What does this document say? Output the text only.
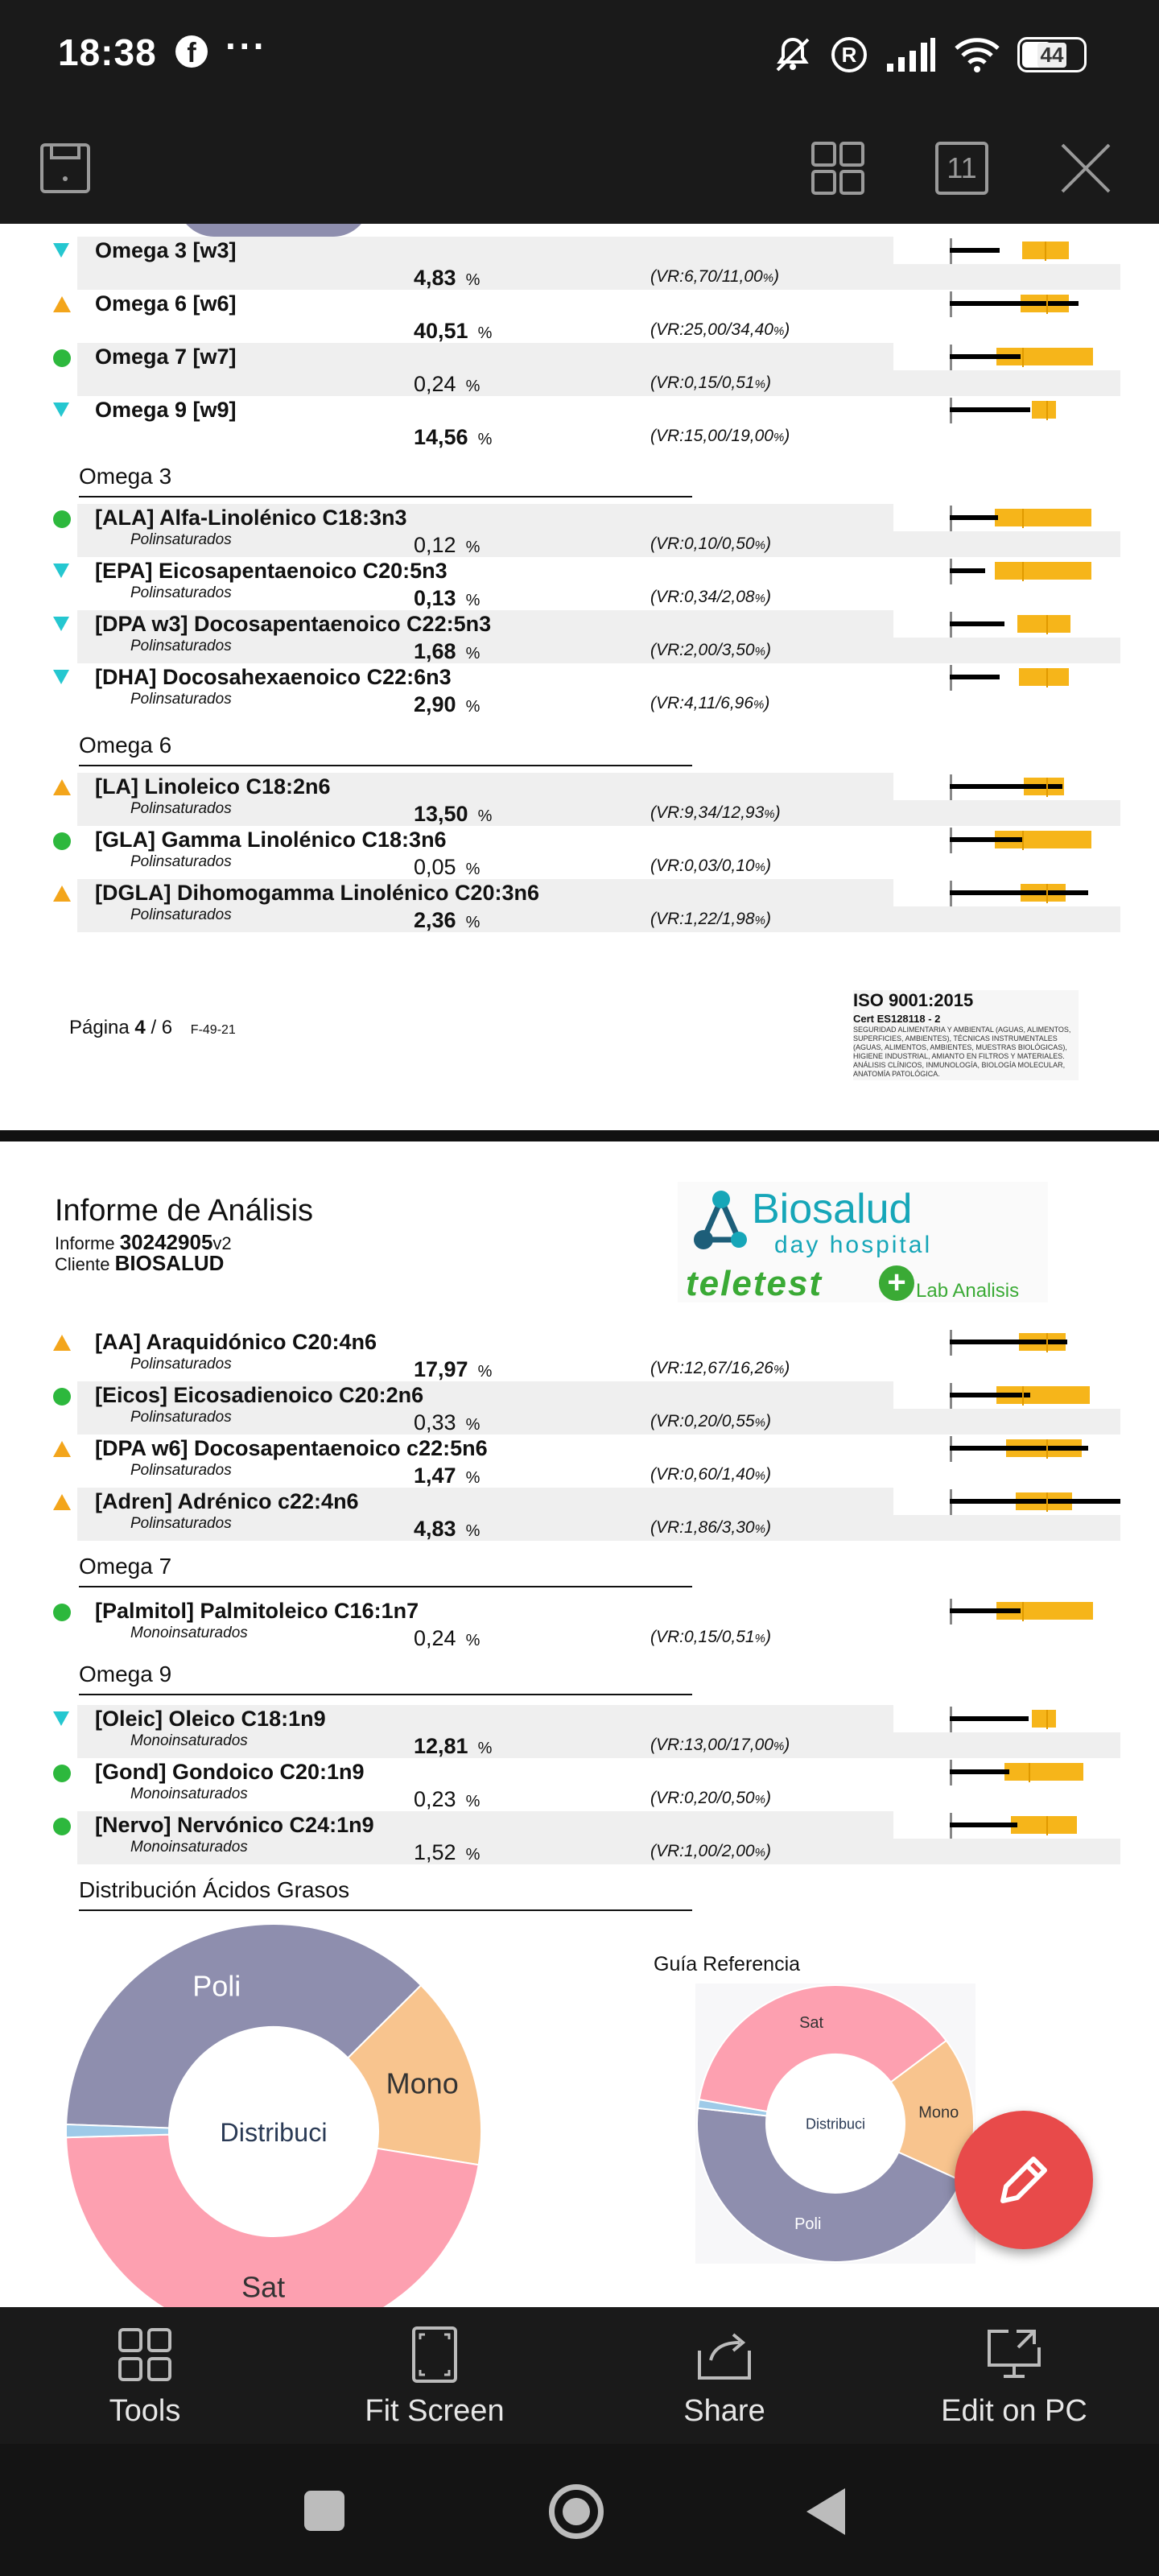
18:38	f ···	R	44
11
Omega 3 [w3]
4,83 %	(VR:6,70/11,00%)
Omega 6 [w6]
40,51 %	(VR:25,00/34,40%)
Omega 7 [w7]
0,24 %	(VR:0,15/0,51%)
Omega 9 [w9]
14,56 %	(VR:15,00/19,00%)
[ALA] Alfa-Linolénico C18:3n3
Polinsaturados	0,12 %	(VR:0,10/0,50%)
[EPA] Eicosapentaenoico C20:5n3
Polinsaturados	0,13 %	(VR:0,34/2,08%)
[DPA w3] Docosapentaenoico C22:5n3
Polinsaturados	1,68 %	(VR:2,00/3,50%)
[DHA] Docosahexaenoico C22:6n3
Polinsaturados	2,90 %	(VR:4,11/6,96%)
[LA] Linoleico C18:2n6
Polinsaturados	13,50 %	(VR:9,34/12,93%)
[GLA] Gamma Linolénico C18:3n6
Polinsaturados	0,05 %	(VR:0,03/0,10%)
[DGLA] Dihomogamma Linolénico C20:3n6
Polinsaturados	2,36 %	(VR:1,22/1,98%)
Omega 3
Omega 6
Página 4 / 6 F-49-21
ISO 9001:2015
Cert ES128118 - 2
SEGURIDAD ALIMENTARIA Y AMBIENTAL (AGUAS, ALIMENTOS, SUPERFICIES, AMBIENTES), TÉCNICAS INSTRUMENTALES (AGUAS, ALIMENTOS, AMBIENTES, MUESTRAS BIOLÓGICAS), HIGIENE INDUSTRIAL, AMIANTO EN FILTROS Y MATERIALES. ANÁLISIS CLÍNICOS, INMUNOLOGÍA, BIOLOGÍA MOLECULAR, ANATOMÍA PATOLÓGICA.
Informe de Análisis
Informe 30242905v2
Cliente BIOSALUD
Biosalud
day hospital
teletest + Lab Analisis
[AA] Araquidónico C20:4n6
Polinsaturados	17,97 %	(VR:12,67/16,26%)
[Eicos] Eicosadienoico C20:2n6
Polinsaturados	0,33 %	(VR:0,20/0,55%)
[DPA w6] Docosapentaenoico c22:5n6
Polinsaturados	1,47 %	(VR:0,60/1,40%)
[Adren] Adrénico c22:4n6
Polinsaturados	4,83 %	(VR:1,86/3,30%)
[Palmitol] Palmitoleico C16:1n7
Monoinsaturados	0,24 %	(VR:0,15/0,51%)
[Oleic] Oleico C18:1n9
Monoinsaturados	12,81 %	(VR:13,00/17,00%)
[Gond] Gondoico C20:1n9
Monoinsaturados	0,23 %	(VR:0,20/0,50%)
[Nervo] Nervónico C24:1n9
Monoinsaturados	1,52 %	(VR:1,00/2,00%)
Omega 7
Omega 9
Distribución Ácidos Grasos
Poli
Mono
Sat
Distribuci
Guía Referencia
Sat
Mono
Poli
Distribuci
Tools	Fit Screen	Share	Edit on PC
